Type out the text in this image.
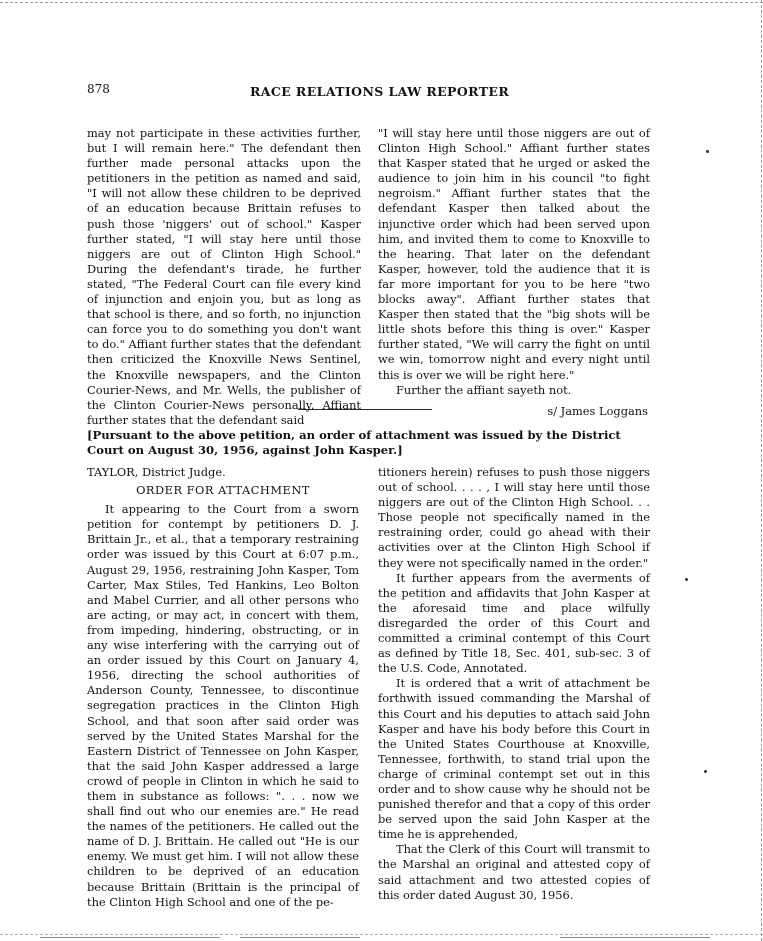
878	RACE RELATIONS LAW REPORTER

may not participate in these activities further, but I will remain here." The defendant then further made personal attacks upon the petitioners in the petition as named and said, "I will not allow these children to be deprived of an education because Brittain refuses to push those 'niggers' out of school." Kasper further stated, "I will stay here until those niggers are out of Clinton High School." During the defendant's tirade, he further stated, "The Federal Court can file every kind of injunction and enjoin you, but as long as that school is there, and so forth, no injunction can force you to do something you don't want to do." Affiant further states that the defendant then criticized the Knoxville News Sentinel, the Knoxville newspapers, and the Clinton Courier-News, and Mr. Wells, the publisher of the Clinton Courier-News personally. Affiant further states that the defendant said

"I will stay here until those niggers are out of Clinton High School." Affiant further states that Kasper stated that he urged or asked the audience to join him in his council "to fight negroism." Affiant further states that the defendant Kasper then talked about the injunctive order which had been served upon him, and invited them to come to Knoxville to the hearing. That later on the defendant Kasper, however, told the audience that it is far more important for you to be here "two blocks away". Affiant further states that Kasper then stated that the "big shots will be little shots before this thing is over." Kasper further stated, "We will carry the fight on until we win, tomorrow night and every night until this is over we will be right here."

Further the affiant sayeth not.

s/ James Loggans

[Pursuant to the above petition, an order of attachment was issued by the District Court on August 30, 1956, against John Kasper.]

TAYLOR, District Judge.

ORDER FOR ATTACHMENT

It appearing to the Court from a sworn petition for contempt by petitioners D. J. Brittain Jr., et al., that a temporary restraining order was issued by this Court at 6:07 p.m., August 29, 1956, restraining John Kasper, Tom Carter, Max Stiles, Ted Hankins, Leo Bolton and Mabel Currier, and all other persons who are acting, or may act, in concert with them, from impeding, hindering, obstructing, or in any wise interfering with the carrying out of an order issued by this Court on January 4, 1956, directing the school authorities of Anderson County, Tennessee, to discontinue segregation practices in the Clinton High School, and that soon after said order was served by the United States Marshal for the Eastern District of Tennessee on John Kasper, that the said John Kasper addressed a large crowd of people in Clinton in which he said to them in substance as follows: ". . . now we shall find out who our enemies are." He read the names of the petitioners. He called out the name of D. J. Brittain. He called out "He is our enemy. We must get him. I will not allow these children to be deprived of an education because Brittain (Brittain is the principal of the Clinton High School and one of the pe-

titioners herein) refuses to push those niggers out of school. . . . , I will stay here until those niggers are out of the Clinton High School. . . Those people not specifically named in the restraining order, could go ahead with their activities over at the Clinton High School if they were not specifically named in the order."

It further appears from the averments of the petition and affidavits that John Kasper at the aforesaid time and place wilfully disregarded the order of this Court and committed a criminal contempt of this Court as defined by Title 18, Sec. 401, sub-sec. 3 of the U.S. Code, Annotated.

It is ordered that a writ of attachment be forthwith issued commanding the Marshal of this Court and his deputies to attach said John Kasper and have his body before this Court in the United States Courthouse at Knoxville, Tennessee, forthwith, to stand trial upon the charge of criminal contempt set out in this order and to show cause why he should not be punished therefor and that a copy of this order be served upon the said John Kasper at the time he is apprehended,

That the Clerk of this Court will transmit to the Marshal an original and attested copy of said attachment and two attested copies of this order dated August 30, 1956.
